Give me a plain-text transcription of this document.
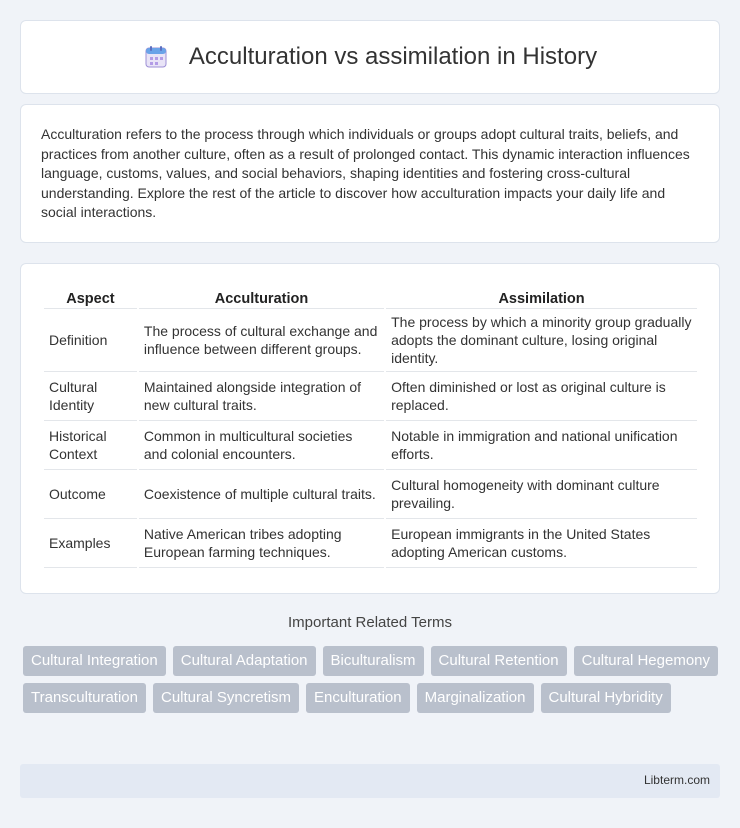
Acculturation vs assimilation in History

Acculturation refers to the process through which individuals or groups adopt cultural traits, beliefs, and practices from another culture, often as a result of prolonged contact. This dynamic interaction influences language, customs, values, and social behaviors, shaping identities and fostering cross-cultural understanding. Explore the rest of the article to discover how acculturation impacts your daily life and social interactions.

Aspect	Acculturation	Assimilation
Definition	The process of cultural exchange and influence between different groups.	The process by which a minority group gradually adopts the dominant culture, losing original identity.
Cultural Identity	Maintained alongside integration of new cultural traits.	Often diminished or lost as original culture is replaced.
Historical Context	Common in multicultural societies and colonial encounters.	Notable in immigration and national unification efforts.
Outcome	Coexistence of multiple cultural traits.	Cultural homogeneity with dominant culture prevailing.
Examples	Native American tribes adopting European farming techniques.	European immigrants in the United States adopting American customs.
Important Related Terms
Cultural Integration	Cultural Adaptation	Biculturalism	Cultural Retention	Cultural Hegemony
Transculturation	Cultural Syncretism	Enculturation	Marginalization	Cultural Hybridity
Libterm.com
